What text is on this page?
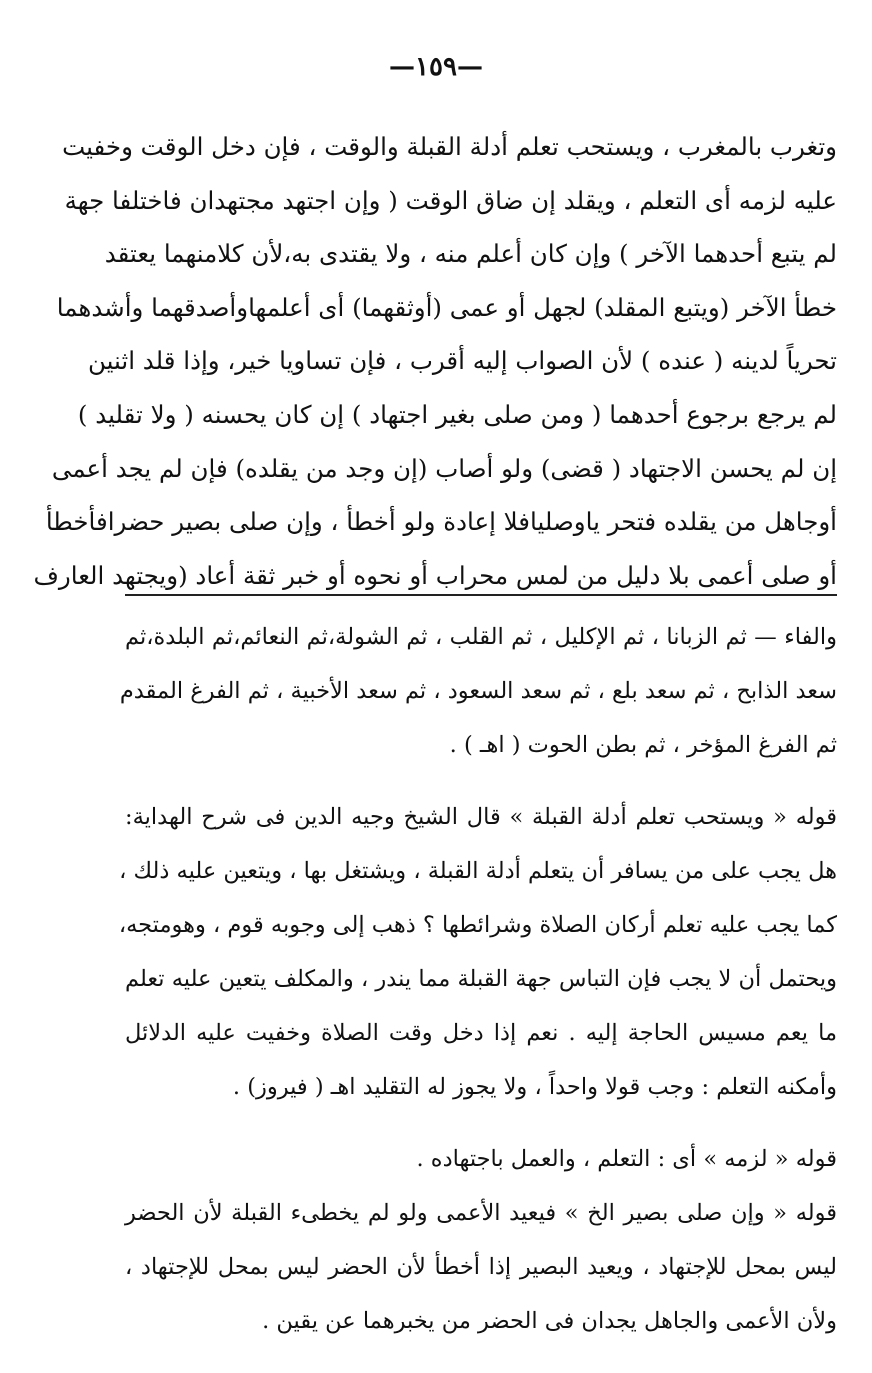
—١٥٩—
وتغرب بالمغرب ، ويستحب تعلم أدلة القبلة والوقت ، فإن دخل الوقت وخفيت
عليه لزمه أى التعلم ، ويقلد إن ضاق الوقت ( وإن اجتهد مجتهدان فاختلفا جهة
لم يتبع أحدهما الآخر ) وإن كان أعلم منه ، ولا يقتدى به،لأن كلامنهما يعتقد
خطأ الآخر (ويتبع المقلد) لجهل أو عمى (أوثقهما) أى أعلمهاوأصدقهما وأشدهما
تحرياً لدينه ( عنده ) لأن الصواب إليه أقرب ، فإن تساويا خير، وإذا قلد اثنين
لم يرجع برجوع أحدهما ( ومن صلى بغير اجتهاد ) إن كان يحسنه ( ولا تقليد )
إن لم يحسن الاجتهاد ( قضى) ولو أصاب (إن وجد من يقلده) فإن لم يجد أعمى
أوجاهل من يقلده فتحر ياوصليافلا إعادة ولو أخطأ ، وإن صلى بصير حضرافأخطأ
أو صلى أعمى بلا دليل من لمس محراب أو نحوه أو خبر ثقة أعاد (ويجتهد العارف
والفاء — ثم الزبانا ، ثم الإكليل ، ثم القلب ، ثم الشولة،ثم النعائم،ثم البلدة،ثم
سعد الذابح ، ثم سعد بلع ، ثم سعد السعود ، ثم سعد الأخبية ، ثم الفرغ المقدم
ثم الفرغ المؤخر ، ثم بطن الحوت ( اهـ ) .
قوله « ويستحب تعلم أدلة القبلة » قال الشيخ وجيه الدين فى شرح الهداية:
هل يجب على من يسافر أن يتعلم أدلة القبلة ، ويشتغل بها ، ويتعين عليه ذلك ،
كما يجب عليه تعلم أركان الصلاة وشرائطها ؟ ذهب إلى وجوبه قوم ، وهومتجه،
ويحتمل أن لا يجب فإن التباس جهة القبلة مما يندر ، والمكلف يتعين عليه تعلم
ما يعم مسيس الحاجة إليه . نعم إذا دخل وقت الصلاة وخفيت عليه الدلائل
وأمكنه التعلم : وجب قولا واحداً ، ولا يجوز له التقليد اهـ ( فيروز) .
قوله « لزمه » أى : التعلم ، والعمل باجتهاده .
قوله « وإن صلى بصير الخ » فيعيد الأعمى ولو لم يخطىء القبلة لأن الحضر
ليس بمحل للإجتهاد ، ويعيد البصير إذا أخطأ لأن الحضر ليس بمحل للإجتهاد ،
ولأن الأعمى والجاهل يجدان فى الحضر من يخبرهما عن يقين .
